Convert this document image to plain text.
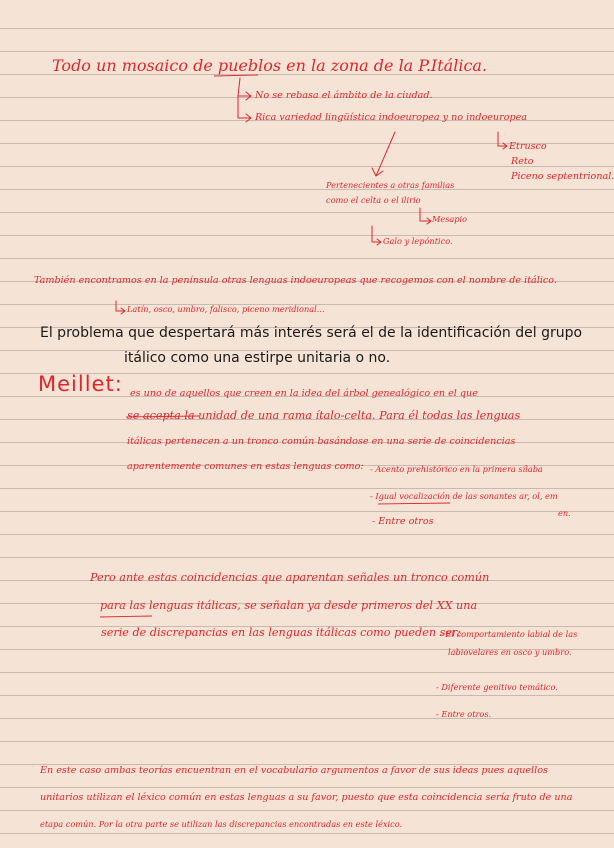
Todo un mosaico de pueblos en la zona de la P.Itálica.
No se rebasa el ámbito de la ciudad.
Rica variedad lingüística indoeuropea y no indoeuropea
Etrusco
Reto
Piceno septentrional.
Pertenecientes a otras familias
como el celta o el ilirio
Mesapio
Galo y lepóntico.
También encontramos en la península otras lenguas indoeuropeas que recogemos con el nombre de itálico.
Latín, osco, umbro, falisco, piceno meridional...
El problema que despertará más interés será el de la identificación del grupo
itálico como una estirpe unitaria o no.
Meillet: es uno de aquellos que creen en la idea del árbol genealógico en el que
se acepta la unidad de una rama ítalo-celta. Para él todas las lenguas
itálicas pertenecen a un tronco común basándose en una serie de coincidencias
aparentemente comunes en estas lenguas como: - Acento prehistórico en la primera sílaba
- Igual vocalización de las sonantes ar, ol, em
en.
- Entre otros
Pero ante estas coincidencias que aparentan señales un tronco común
para las lenguas itálicas, se señalan ya desde primeros del XX una
serie de discrepancias en las lenguas itálicas como pueden ser:
- El comportamiento labial de las
labiovelares en osco y umbro.
- Diferente genitivo temático.
- Entre otros.
En este caso ambas teorías encuentran en el vocabulario argumentos a favor de sus ideas pues aquellos
unitarios utilizan el léxico común en estas lenguas a su favor, puesto que esta coincidencia sería fruto de una
etapa común. Por la otra parte se utilizan las discrepancias encontradas en este léxico.
